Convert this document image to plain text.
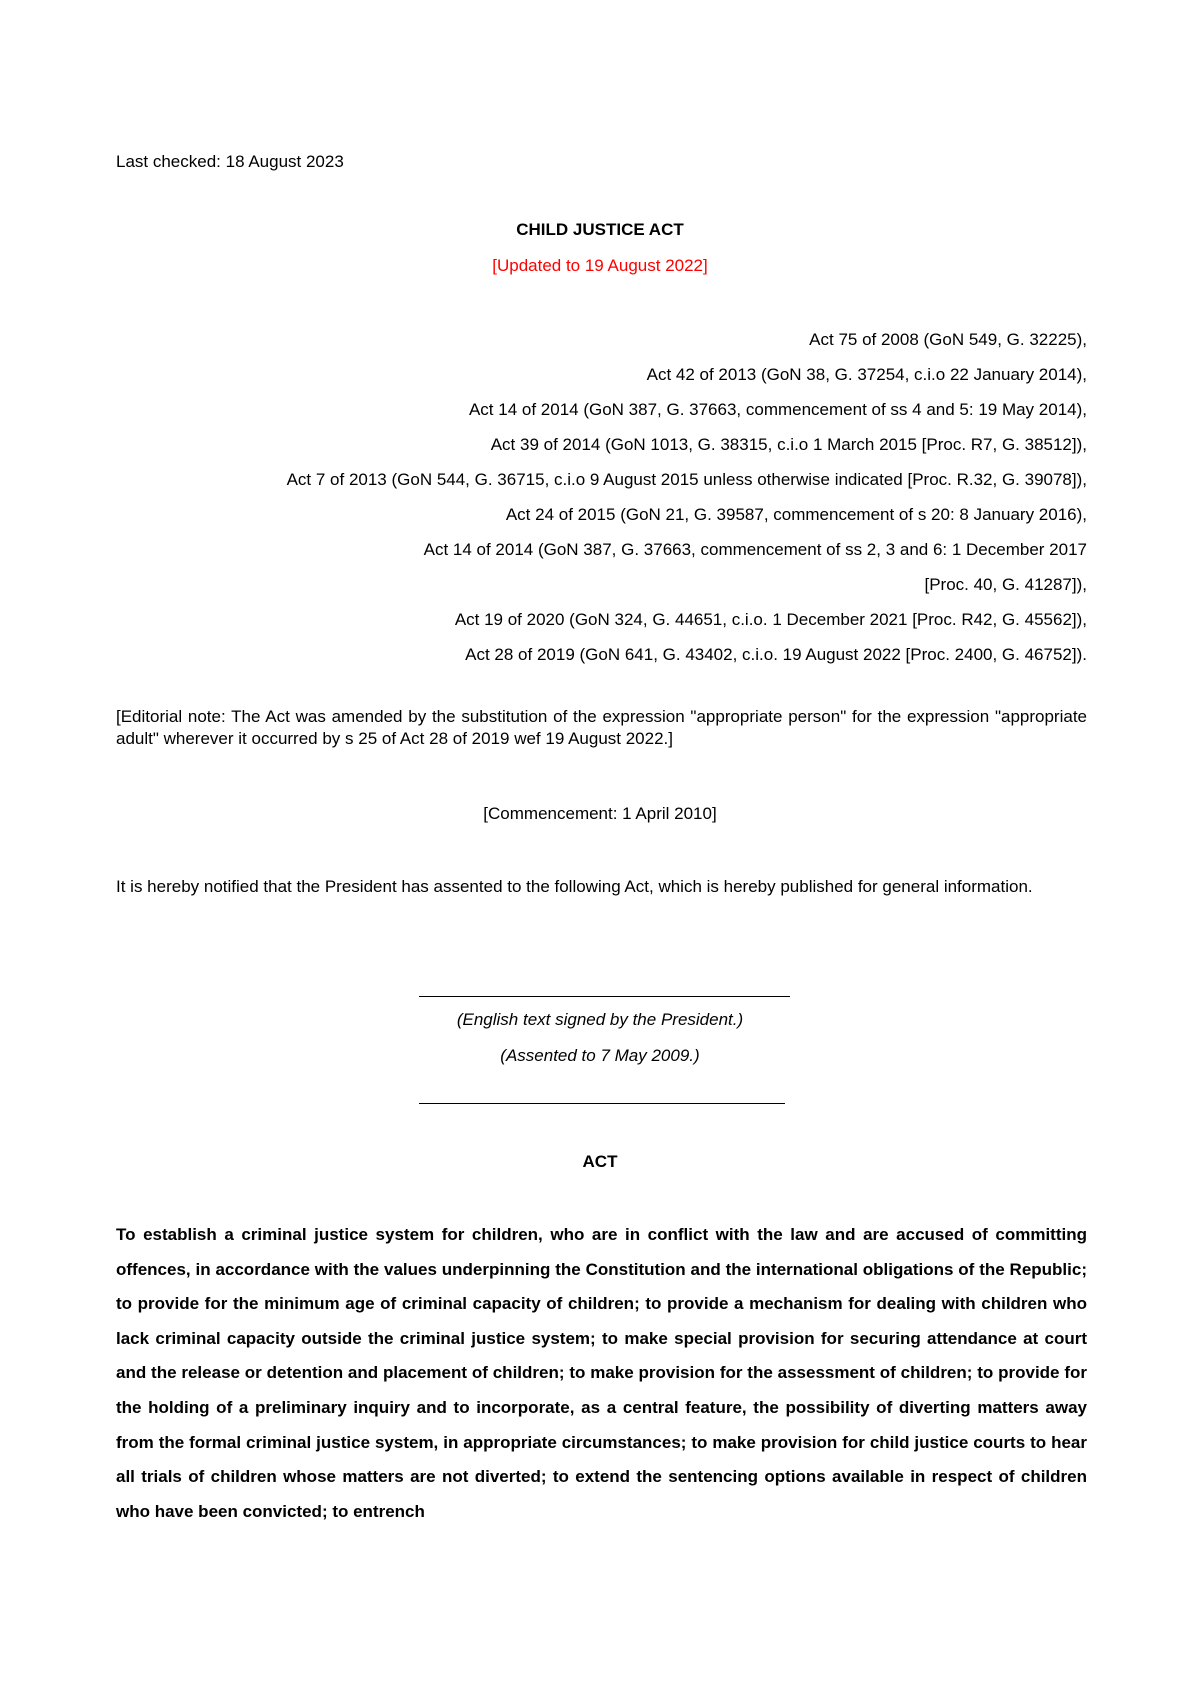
Last checked: 18 August 2023
CHILD JUSTICE ACT
[Updated to 19 August 2022]
Act 75 of 2008 (GoN 549, G. 32225),
Act 42 of 2013 (GoN 38, G. 37254, c.i.o 22 January 2014),
Act 14 of 2014 (GoN 387, G. 37663, commencement of ss 4 and 5: 19 May 2014),
Act 39 of 2014 (GoN 1013, G. 38315, c.i.o 1 March 2015 [Proc. R7, G. 38512]),
Act 7 of 2013 (GoN 544, G. 36715, c.i.o 9 August 2015 unless otherwise indicated [Proc. R.32, G. 39078]),
Act 24 of 2015 (GoN 21, G. 39587, commencement of s 20: 8 January 2016),
Act 14 of 2014 (GoN 387, G. 37663, commencement of ss 2, 3 and 6: 1 December 2017
[Proc. 40, G. 41287]),
Act 19 of 2020 (GoN 324, G. 44651, c.i.o. 1 December 2021 [Proc. R42, G. 45562]),
Act 28 of 2019 (GoN 641, G. 43402, c.i.o. 19 August 2022 [Proc. 2400, G. 46752]).
[Editorial note: The Act was amended by the substitution of the expression "appropriate person" for the expression "appropriate adult" wherever it occurred by s 25 of Act 28 of 2019 wef 19 August 2022.]
[Commencement: 1 April 2010]
It is hereby notified that the President has assented to the following Act, which is hereby published for general information.
(English text signed by the President.)
(Assented to 7 May 2009.)
ACT
To establish a criminal justice system for children, who are in conflict with the law and are accused of committing offences, in accordance with the values underpinning the Constitution and the international obligations of the Republic; to provide for the minimum age of criminal capacity of children; to provide a mechanism for dealing with children who lack criminal capacity outside the criminal justice system; to make special provision for securing attendance at court and the release or detention and placement of children; to make provision for the assessment of children; to provide for the holding of a preliminary inquiry and to incorporate, as a central feature, the possibility of diverting matters away from the formal criminal justice system, in appropriate circumstances; to make provision for child justice courts to hear all trials of children whose matters are not diverted; to extend the sentencing options available in respect of children who have been convicted; to entrench
